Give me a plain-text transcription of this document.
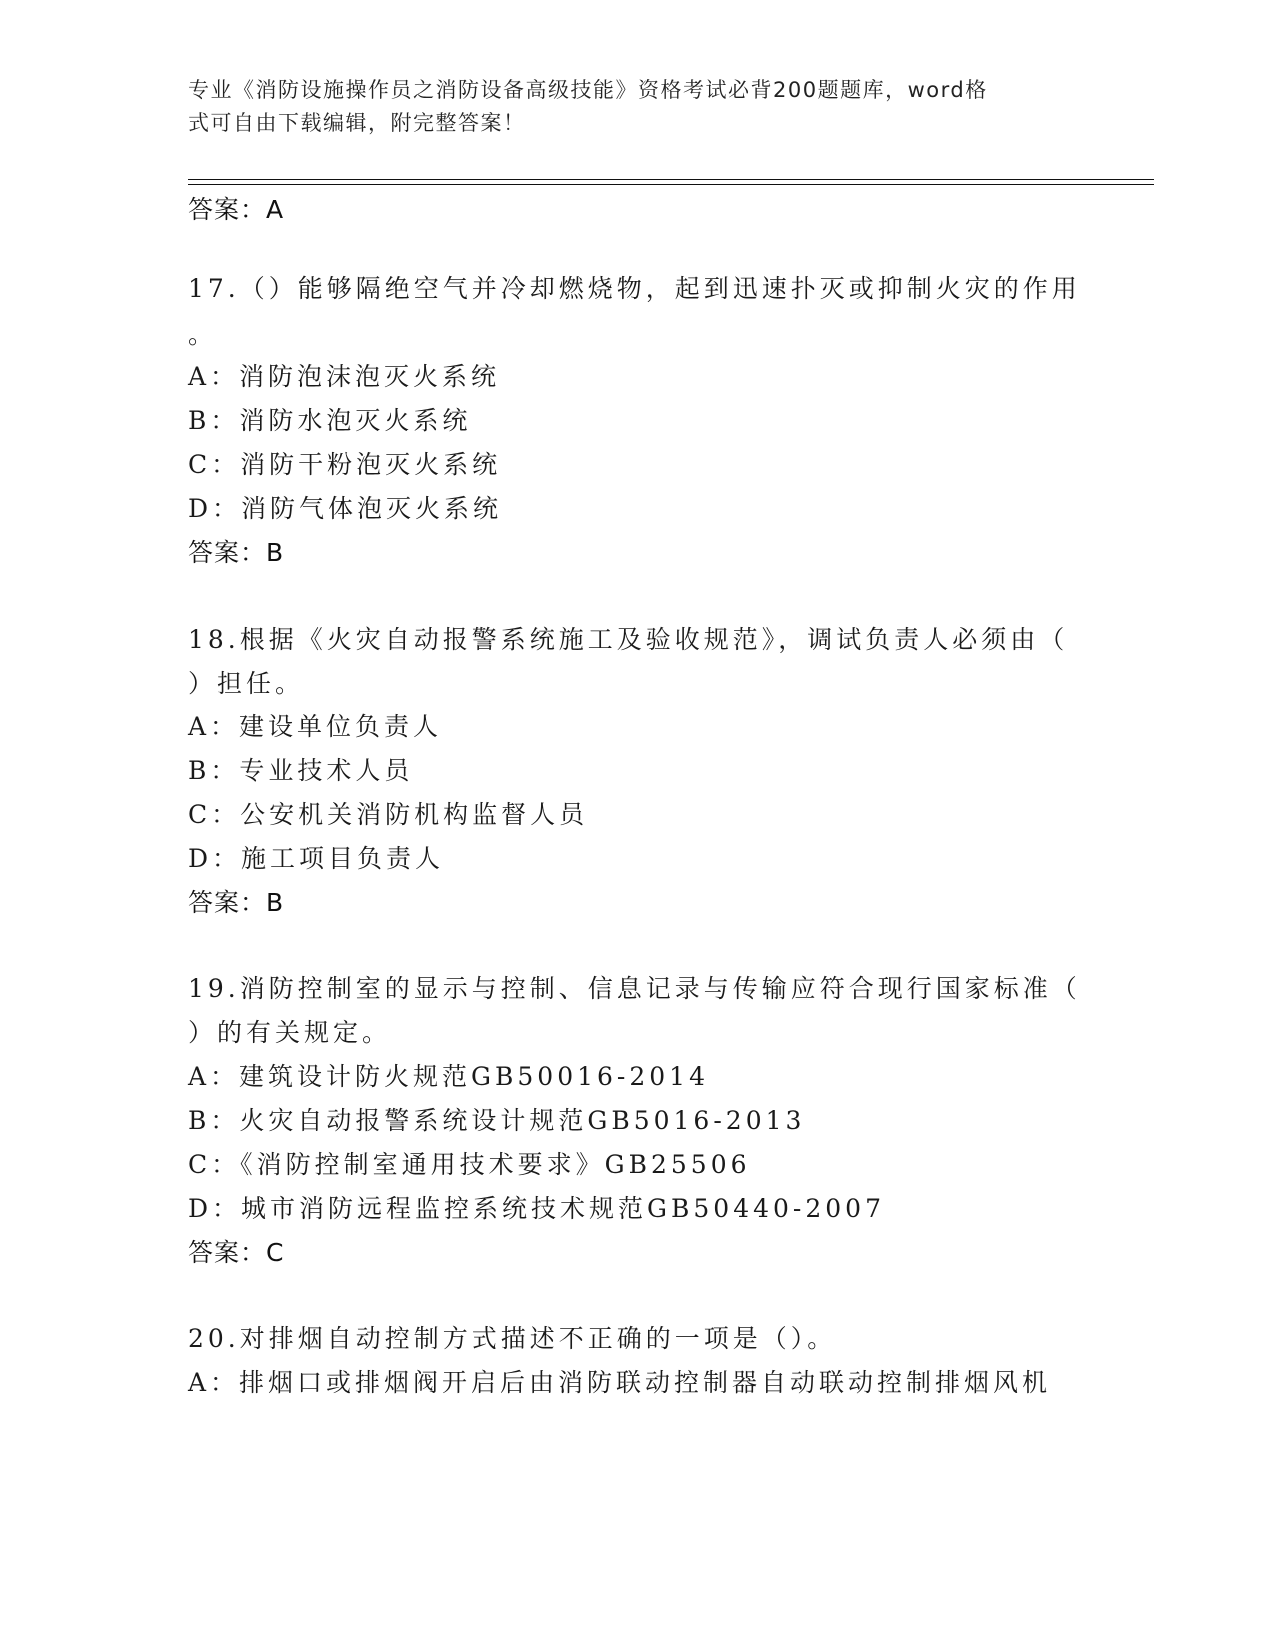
专业《消防设施操作员之消防设备高级技能》资格考试必背200题题库，word格
式可自由下载编辑，附完整答案！
答案：A
17.（）能够隔绝空气并冷却燃烧物，起到迅速扑灭或抑制火灾的作用
。
A：消防泡沫泡灭火系统
B：消防水泡灭火系统
C：消防干粉泡灭火系统
D：消防气体泡灭火系统
答案：B
18.根据《火灾自动报警系统施工及验收规范》，调试负责人必须由（
）担任。
A：建设单位负责人
B：专业技术人员
C：公安机关消防机构监督人员
D：施工项目负责人
答案：B
19.消防控制室的显示与控制、信息记录与传输应符合现行国家标准（
）的有关规定。
A：建筑设计防火规范GB50016-2014
B：火灾自动报警系统设计规范GB5016-2013
C：《消防控制室通用技术要求》GB25506
D：城市消防远程监控系统技术规范GB50440-2007
答案：C
20.对排烟自动控制方式描述不正确的一项是（）。
A：排烟口或排烟阀开启后由消防联动控制器自动联动控制排烟风机
